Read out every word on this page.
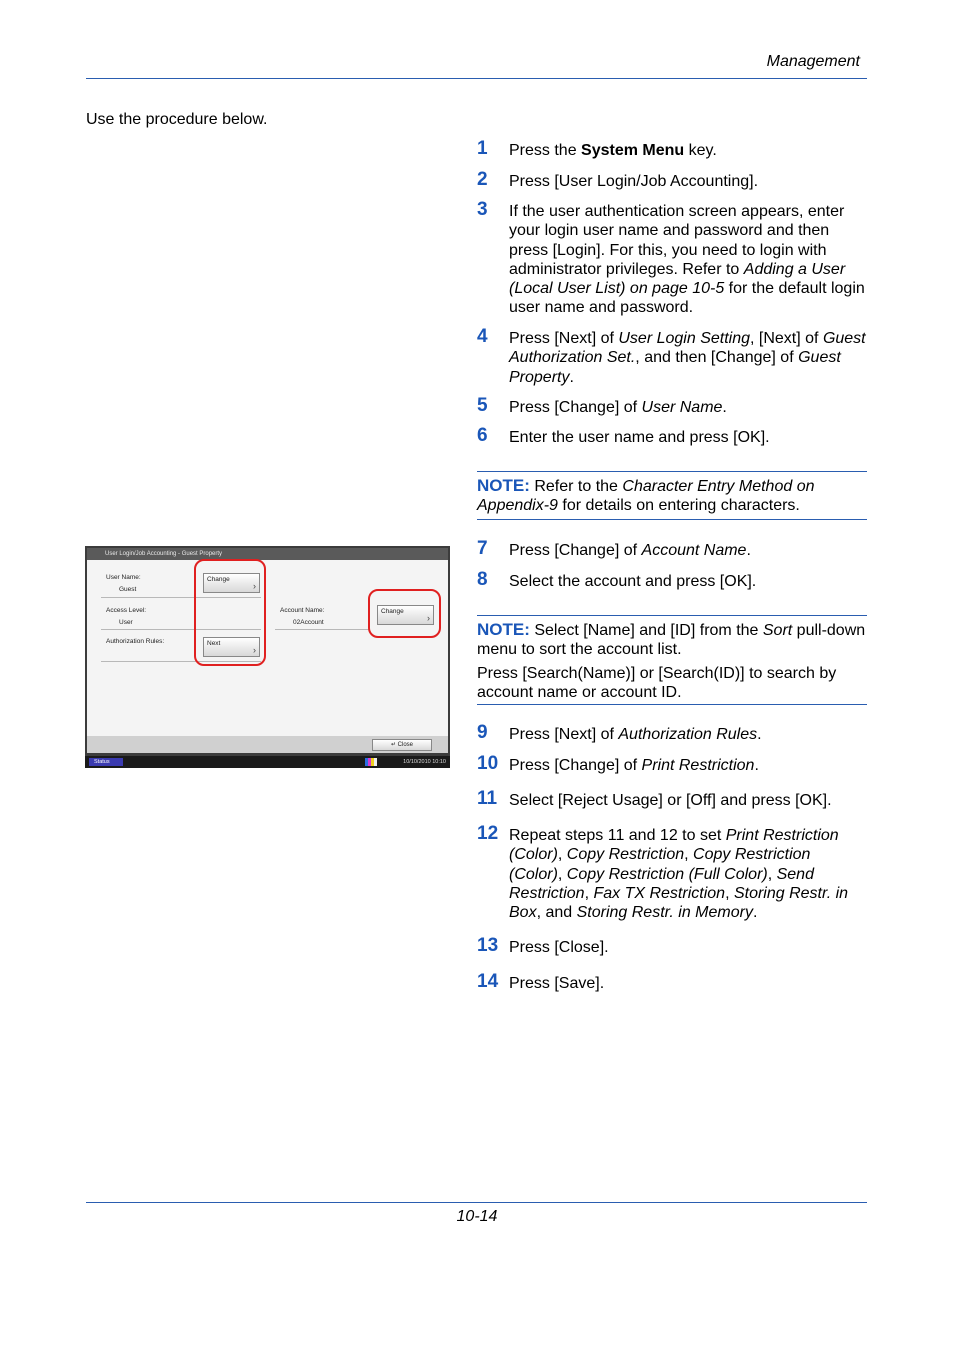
Management
Use the procedure below.
1 Press the System Menu key.
2 Press [User Login/Job Accounting].
3 If the user authentication screen appears, enter your login user name and password and then press [Login]. For this, you need to login with administrator privileges. Refer to Adding a User (Local User List) on page 10-5 for the default login user name and password.
4 Press [Next] of User Login Setting, [Next] of Guest Authorization Set., and then [Change] of Guest Property.
5 Press [Change] of User Name.
6 Enter the user name and press [OK].
NOTE: Refer to the Character Entry Method on Appendix-9 for details on entering characters.
7 Press [Change] of Account Name.
8 Select the account and press [OK].
NOTE: Select [Name] and [ID] from the Sort pull-down menu to sort the account list.
Press [Search(Name)] or [Search(ID)] to search by account name or account ID.
9 Press [Next] of Authorization Rules.
10 Press [Change] of Print Restriction.
11 Select [Reject Usage] or [Off] and press [OK].
12 Repeat steps 11 and 12 to set Print Restriction (Color), Copy Restriction, Copy Restriction (Color), Copy Restriction (Full Color), Send Restriction, Fax TX Restriction, Storing Restr. in Box, and Storing Restr. in Memory.
13 Press [Close].
14 Press [Save].
User Login/Job Accounting - Guest Property
User Name:
Guest
Change
›
Access Level:
User
Authorization Rules:	Next
›
Account Name:
02Account
Change
›
↵ Close
Status	10/10/2010 10:10
10-14
